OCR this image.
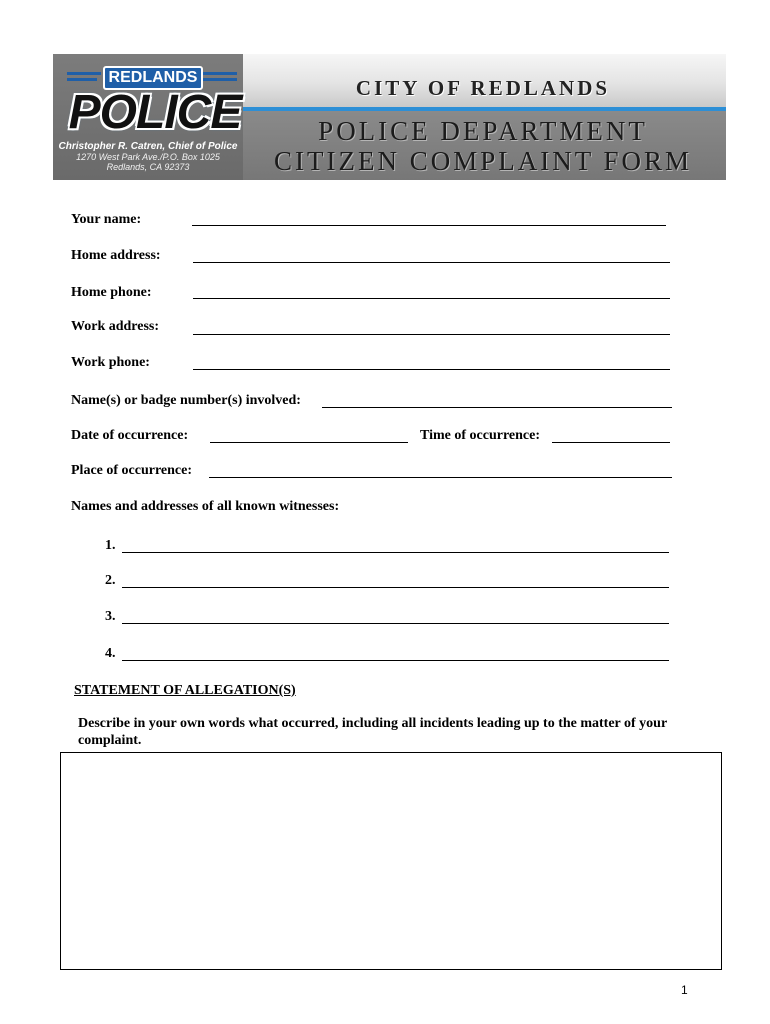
REDLANDS
POLICE
Christopher R. Catren, Chief of Police
1270 West Park Ave./P.O. Box 1025
Redlands, CA 92373
CITY OF REDLANDS
POLICE DEPARTMENT
CITIZEN COMPLAINT FORM
Your name:
Home address:
Home phone:
Work address:
Work phone:
Name(s) or badge number(s) involved:
Date of occurrence:	Time of occurrence:
Place of occurrence:
Names and addresses of all known witnesses:
1.
2.
3.
4.
STATEMENT OF ALLEGATION(S)
Describe in your own words what occurred, including all incidents leading up to the matter of your complaint.
1
